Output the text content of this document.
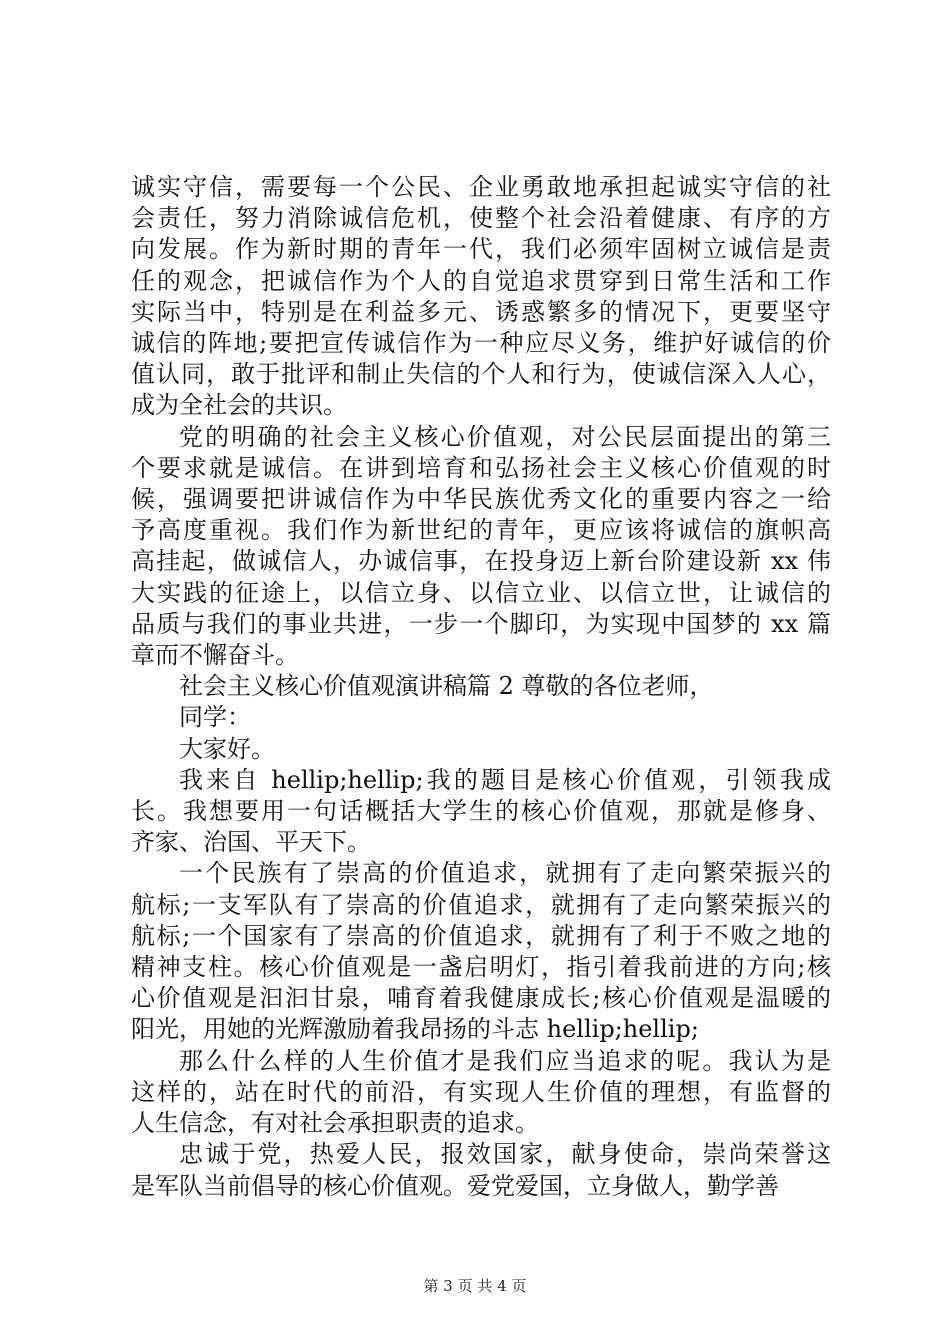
诚实守信，需要每一个公民、企业勇敢地承担起诚实守信的社
会责任，努力消除诚信危机，使整个社会沿着健康、有序的方
向发展。作为新时期的青年一代，我们必须牢固树立诚信是责
任的观念，把诚信作为个人的自觉追求贯穿到日常生活和工作
实际当中，特别是在利益多元、诱惑繁多的情况下，更要坚守
诚信的阵地;要把宣传诚信作为一种应尽义务，维护好诚信的价
值认同，敢于批评和制止失信的个人和行为，使诚信深入人心，
成为全社会的共识。
党的明确的社会主义核心价值观，对公民层面提出的第三
个要求就是诚信。在讲到培育和弘扬社会主义核心价值观的时
候，强调要把讲诚信作为中华民族优秀文化的重要内容之一给
予高度重视。我们作为新世纪的青年，更应该将诚信的旗帜高
高挂起，做诚信人，办诚信事，在投身迈上新台阶建设新 xx 伟
大实践的征途上，以信立身、以信立业、以信立世，让诚信的
品质与我们的事业共进，一步一个脚印，为实现中国梦的 xx 篇
章而不懈奋斗。
社会主义核心价值观演讲稿篇 2 尊敬的各位老师，
同学：
大家好。
我来自 hellip;hellip;我的题目是核心价值观，引领我成
长。我想要用一句话概括大学生的核心价值观，那就是修身、
齐家、治国、平天下。
一个民族有了崇高的价值追求，就拥有了走向繁荣振兴的
航标;一支军队有了崇高的价值追求，就拥有了走向繁荣振兴的
航标;一个国家有了崇高的价值追求，就拥有了利于不败之地的
精神支柱。核心价值观是一盏启明灯，指引着我前进的方向;核
心价值观是汩汩甘泉，哺育着我健康成长;核心价值观是温暖的
阳光，用她的光辉激励着我昂扬的斗志 hellip;hellip;
那么什么样的人生价值才是我们应当追求的呢。我认为是
这样的，站在时代的前沿，有实现人生价值的理想，有监督的
人生信念，有对社会承担职责的追求。
忠诚于党，热爱人民，报效国家，献身使命，崇尚荣誉这
是军队当前倡导的核心价值观。爱党爱国，立身做人，勤学善
第 3 页 共 4 页
